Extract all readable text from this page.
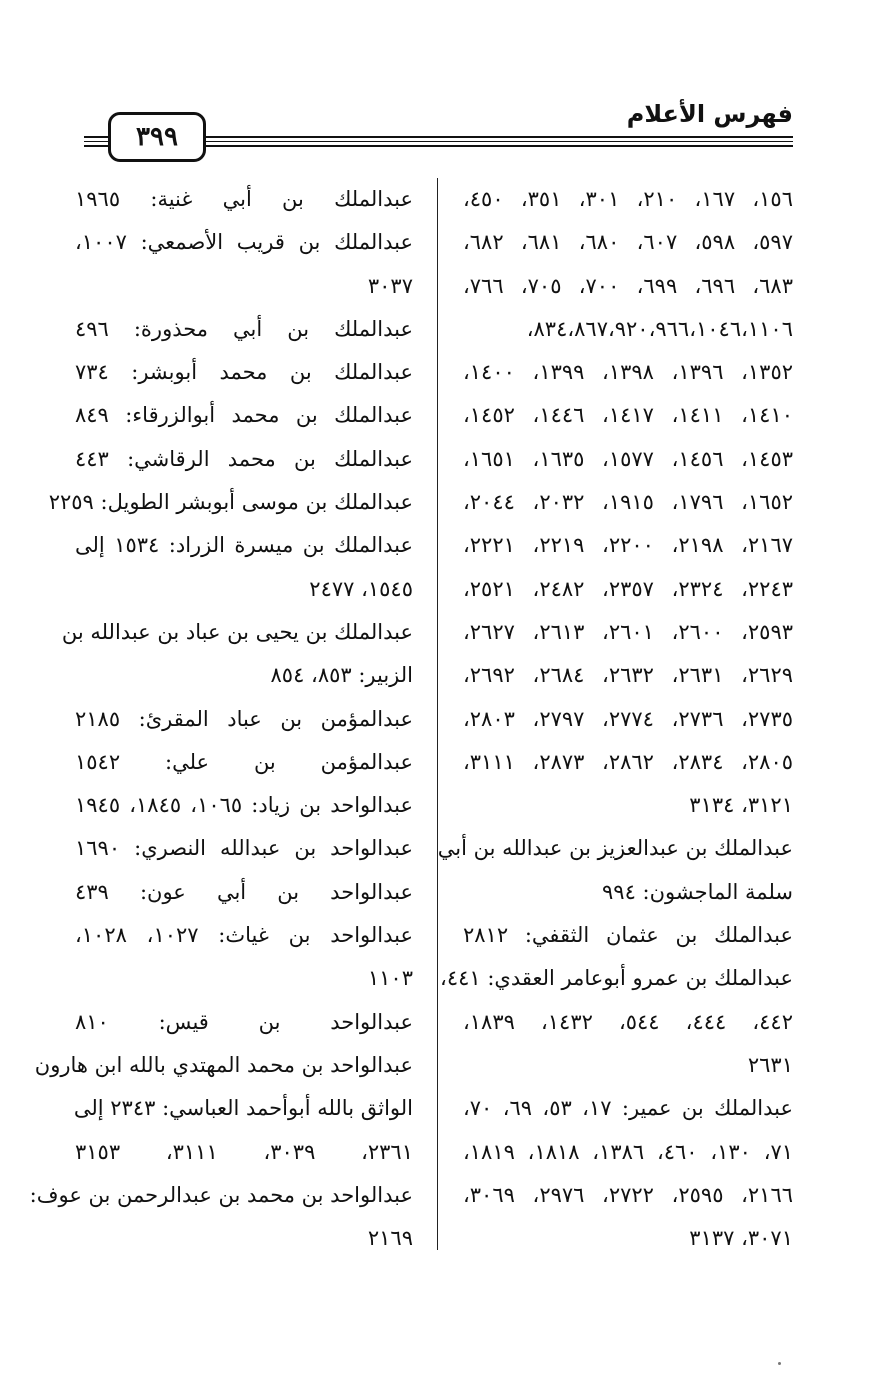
فهرس الأعلام
٣٩٩
١٥٦، ١٦٧، ٢١٠، ٣٠١، ٣٥١، ٤٥٠،
٥٩٧، ٥٩٨، ٦٠٧، ٦٨٠، ٦٨١، ٦٨٢،
٦٨٣، ٦٩٦، ٦٩٩، ٧٠٠، ٧٠٥، ٧٦٦،
٨٣٤،٨٦٧،٩٢٠،٩٦٦،١٠٤٦،١١٠٦،
١٣٥٢، ١٣٩٦، ١٣٩٨، ١٣٩٩، ١٤٠٠،
١٤١٠، ١٤١١، ١٤١٧، ١٤٤٦، ١٤٥٢،
١٤٥٣، ١٤٥٦، ١٥٧٧، ١٦٣٥، ١٦٥١،
١٦٥٢، ١٧٩٦، ١٩١٥، ٢٠٣٢، ٢٠٤٤،
٢١٦٧، ٢١٩٨، ٢٢٠٠، ٢٢١٩، ٢٢٢١،
٢٢٤٣، ٢٣٢٤، ٢٣٥٧، ٢٤٨٢، ٢٥٢١،
٢٥٩٣، ٢٦٠٠، ٢٦٠١، ٢٦١٣، ٢٦٢٧،
٢٦٢٩، ٢٦٣١، ٢٦٣٢، ٢٦٨٤، ٢٦٩٢،
٢٧٣٥، ٢٧٣٦، ٢٧٧٤، ٢٧٩٧، ٢٨٠٣،
٢٨٠٥، ٢٨٣٤، ٢٨٦٢، ٢٨٧٣، ٣١١١،
٣١٢١، ٣١٣٤
عبدالملك بن عبدالعزيز بن عبدالله بن أبي
سلمة الماجشون: ٩٩٤
عبدالملك بن عثمان الثقفي: ٢٨١٢
عبدالملك بن عمرو أبوعامر العقدي: ٤٤١،
٤٤٢، ٤٤٤، ٥٤٤، ١٤٣٢، ١٨٣٩،
٢٦٣١
عبدالملك بن عمير: ١٧، ٥٣، ٦٩، ٧٠،
٧١، ١٣٠، ٤٦٠، ١٣٨٦، ١٨١٨، ١٨١٩،
٢١٦٦، ٢٥٩٥، ٢٧٢٢، ٢٩٧٦، ٣٠٦٩،
٣٠٧١، ٣١٣٧
عبدالملك بن أبي غنية: ١٩٦٥
عبدالملك بن قريب الأصمعي: ١٠٠٧،
٣٠٣٧
عبدالملك بن أبي محذورة: ٤٩٦
عبدالملك بن محمد أبوبشر: ٧٣٤
عبدالملك بن محمد أبوالزرقاء: ٨٤٩
عبدالملك بن محمد الرقاشي: ٤٤٣
عبدالملك بن موسى أبوبشر الطويل: ٢٢٥٩
عبدالملك بن ميسرة الزراد: ١٥٣٤ إلى
١٥٤٥، ٢٤٧٧
عبدالملك بن يحيى بن عباد بن عبدالله بن
الزبير: ٨٥٣، ٨٥٤
عبدالمؤمن بن عباد المقرئ: ٢١٨٥
عبدالمؤمن بن علي: ١٥٤٢
عبدالواحد بن زياد: ١٠٦٥، ١٨٤٥، ١٩٤٥
عبدالواحد بن عبدالله النصري: ١٦٩٠
عبدالواحد بن أبي عون: ٤٣٩
عبدالواحد بن غياث: ١٠٢٧، ١٠٢٨،
١١٠٣
عبدالواحد بن قيس: ٨١٠
عبدالواحد بن محمد المهتدي بالله ابن هارون
الواثق بالله أبوأحمد العباسي: ٢٣٤٣ إلى
٢٣٦١، ٣٠٣٩، ٣١١١، ٣١٥٣
عبدالواحد بن محمد بن عبدالرحمن بن عوف:
٢١٦٩
